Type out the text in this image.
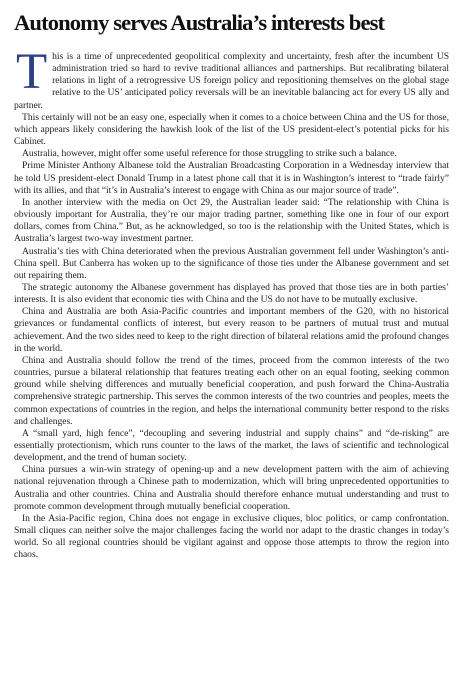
Autonomy serves Australia’s interests best

This is a time of unprecedented geopolitical complexity and uncertainty, fresh after the incumbent US administration tried so hard to revive traditional alliances and partnerships. But recalibrating bilateral relations in light of a retrogressive US foreign policy and repositioning themselves on the global stage relative to the US’ anticipated policy reversals will be an inevitable balancing act for every US ally and partner.

This certainly will not be an easy one, especially when it comes to a choice between China and the US for those, which appears likely considering the hawkish look of the list of the US president-elect’s potential picks for his Cabinet.

Australia, however, might offer some useful reference for those struggling to strike such a balance.

Prime Minister Anthony Albanese told the Australian Broadcasting Corporation in a Wednesday interview that he told US president-elect Donald Trump in a latest phone call that it is in Washington’s interest to “trade fairly” with its allies, and that “it’s in Australia’s interest to engage with China as our major source of trade”.

In another interview with the media on Oct 29, the Australian leader said: “The relationship with China is obviously important for Australia, they’re our major trading partner, something like one in four of our export dollars, comes from China.” But, as he acknowledged, so too is the relationship with the United States, which is Australia’s largest two-way investment partner.

Australia’s ties with China deteriorated when the previous Australian government fell under Washington’s anti-China spell. But Canberra has woken up to the significance of those ties under the Albanese government and set out repairing them.

The strategic autonomy the Albanese government has displayed has proved that those ties are in both parties’ interests. It is also evident that economic ties with China and the US do not have to be mutually exclusive.

China and Australia are both Asia-Pacific countries and important members of the G20, with no historical grievances or fundamental conflicts of interest, but every reason to be partners of mutual trust and mutual achievement. And the two sides need to keep to the right direction of bilateral relations amid the profound changes in the world.

China and Australia should follow the trend of the times, proceed from the common interests of the two countries, pursue a bilateral relationship that features treating each other on an equal footing, seeking common ground while shelving differences and mutually beneficial cooperation, and push forward the China-Australia comprehensive strategic partnership. This serves the common interests of the two countries and peoples, meets the common expectations of countries in the region, and helps the international community better respond to the risks and challenges.

A “small yard, high fence”, “decoupling and severing industrial and supply chains” and “de-risking” are essentially protectionism, which runs counter to the laws of the market, the laws of scientific and technological development, and the trend of human society.

China pursues a win-win strategy of opening-up and a new development pattern with the aim of achieving national rejuvenation through a Chinese path to modernization, which will bring unprecedented opportunities to Australia and other countries. China and Australia should therefore enhance mutual understanding and trust to promote common development through mutually beneficial cooperation.

In the Asia-Pacific region, China does not engage in exclusive cliques, bloc politics, or camp confrontation. Small cliques can neither solve the major challenges facing the world nor adapt to the drastic changes in today’s world. So all regional countries should be vigilant against and oppose those attempts to throw the region into chaos.
